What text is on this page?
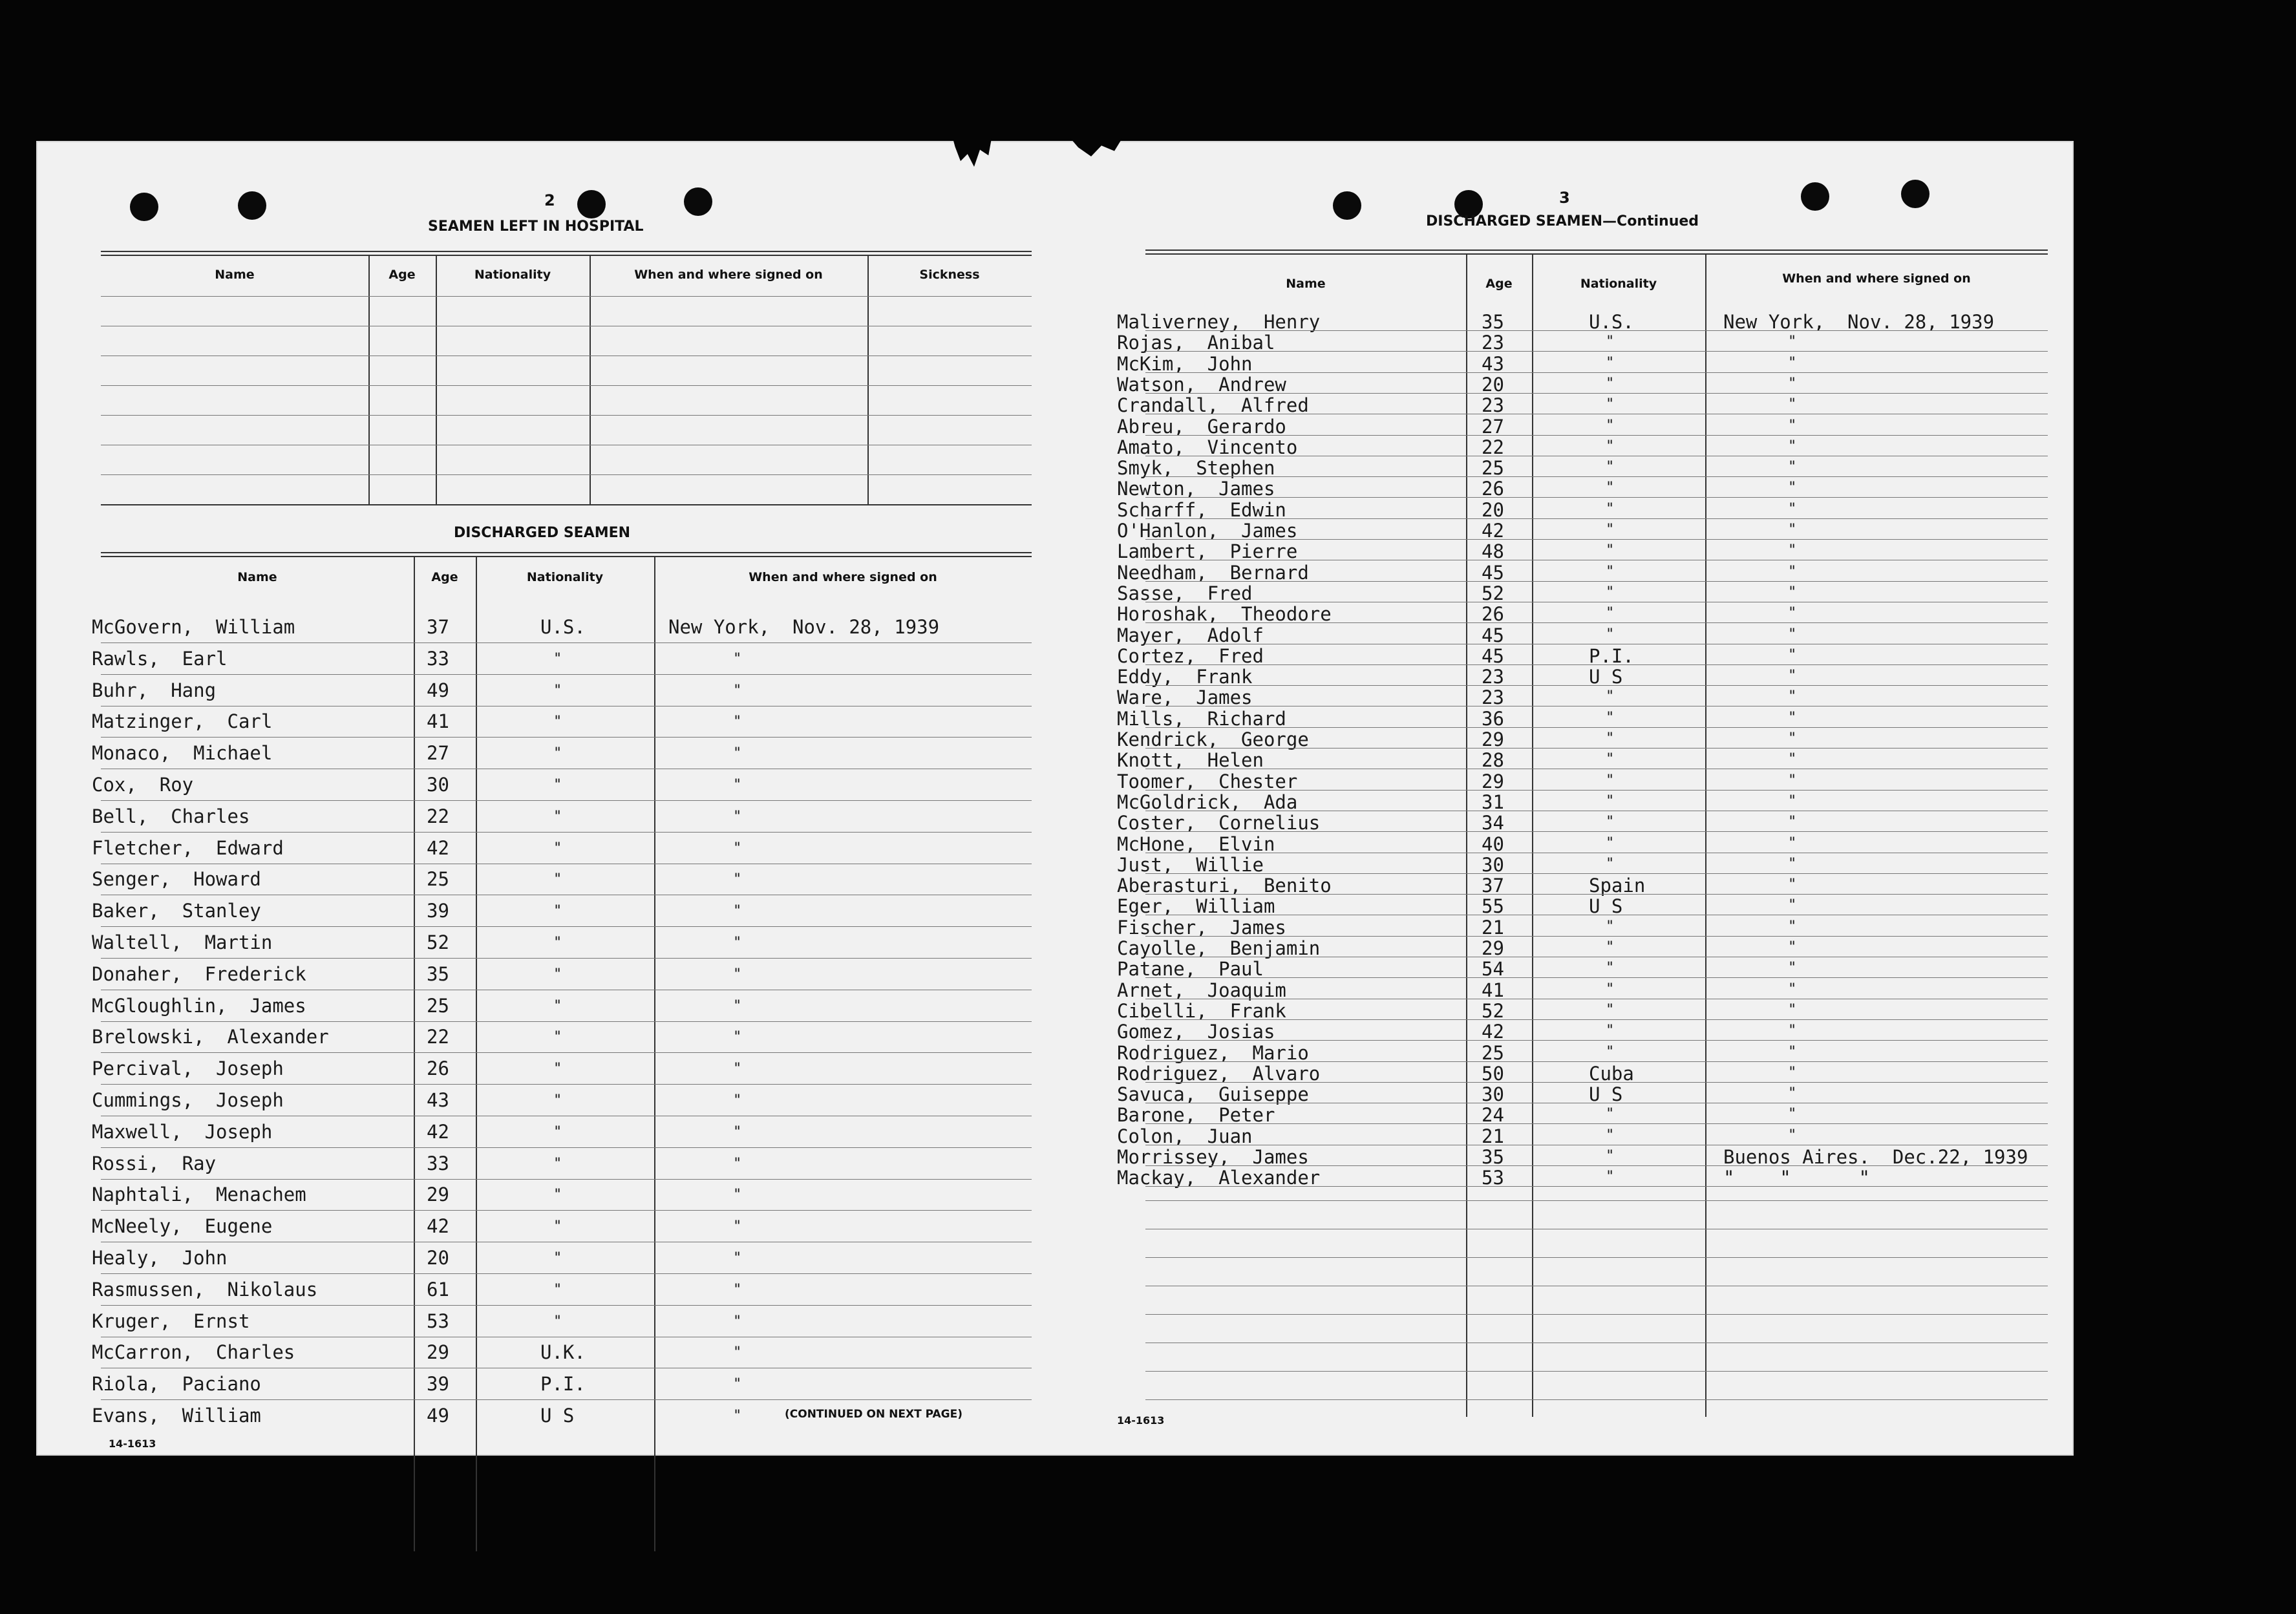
2
SEAMEN LEFT IN HOSPITAL
Name	Age	Nationality	When and where signed on	Sickness
DISCHARGED SEAMEN
Name	Age	Nationality	When and where signed on
McGovern,  William	37	U.S.	New York,  Nov. 28, 1939
Rawls,  Earl	33	"	"
Buhr,  Hang	49	"	"
Matzinger,  Carl	41	"	"
Monaco,  Michael	27	"	"
Cox,  Roy	30	"	"
Bell,  Charles	22	"	"
Fletcher,  Edward	42	"	"
Senger,  Howard	25	"	"
Baker,  Stanley	39	"	"
Waltell,  Martin	52	"	"
Donaher,  Frederick	35	"	"
McGloughlin,  James	25	"	"
Brelowski,  Alexander	22	"	"
Percival,  Joseph	26	"	"
Cummings,  Joseph	43	"	"
Maxwell,  Joseph	42	"	"
Rossi,  Ray	33	"	"
Naphtali,  Menachem	29	"	"
McNeely,  Eugene	42	"	"
Healy,  John	20	"	"
Rasmussen,  Nikolaus	61	"	"
Kruger,  Ernst	53	"	"
McCarron,  Charles	29	U.K.	"
Riola,  Paciano	39	P.I.	"
Evans,  William	49	U S	"
14-1613
(CONTINUED ON NEXT PAGE)
3
DISCHARGED SEAMEN—Continued
Name	Age	Nationality	When and where signed on
Maliverney,  Henry	35	U.S.	New York,  Nov. 28, 1939
Rojas,  Anibal	23	"	"
McKim,  John	43	"	"
Watson,  Andrew	20	"	"
Crandall,  Alfred	23	"	"
Abreu,  Gerardo	27	"	"
Amato,  Vincento	22	"	"
Smyk,  Stephen	25	"	"
Newton,  James	26	"	"
Scharff,  Edwin	20	"	"
O'Hanlon,  James	42	"	"
Lambert,  Pierre	48	"	"
Needham,  Bernard	45	"	"
Sasse,  Fred	52	"	"
Horoshak,  Theodore	26	"	"
Mayer,  Adolf	45	"	"
Cortez,  Fred	45	P.I.	"
Eddy,  Frank	23	U S	"
Ware,  James	23	"	"
Mills,  Richard	36	"	"
Kendrick,  George	29	"	"
Knott,  Helen	28	"	"
Toomer,  Chester	29	"	"
McGoldrick,  Ada	31	"	"
Coster,  Cornelius	34	"	"
McHone,  Elvin	40	"	"
Just,  Willie	30	"	"
Aberasturi,  Benito	37	Spain	"
Eger,  William	55	U S	"
Fischer,  James	21	"	"
Cayolle,  Benjamin	29	"	"
Patane,  Paul	54	"	"
Arnet,  Joaquim	41	"	"
Cibelli,  Frank	52	"	"
Gomez,  Josias	42	"	"
Rodriguez,  Mario	25	"	"
Rodriguez,  Alvaro	50	Cuba	"
Savuca,  Guiseppe	30	U S	"
Barone,  Peter	24	"	"
Colon,  Juan	21	"	"
Morrissey,  James	35	"	Buenos Aires.  Dec.22, 1939
Mackay,  Alexander	53	"	"    "      "
14-1613
